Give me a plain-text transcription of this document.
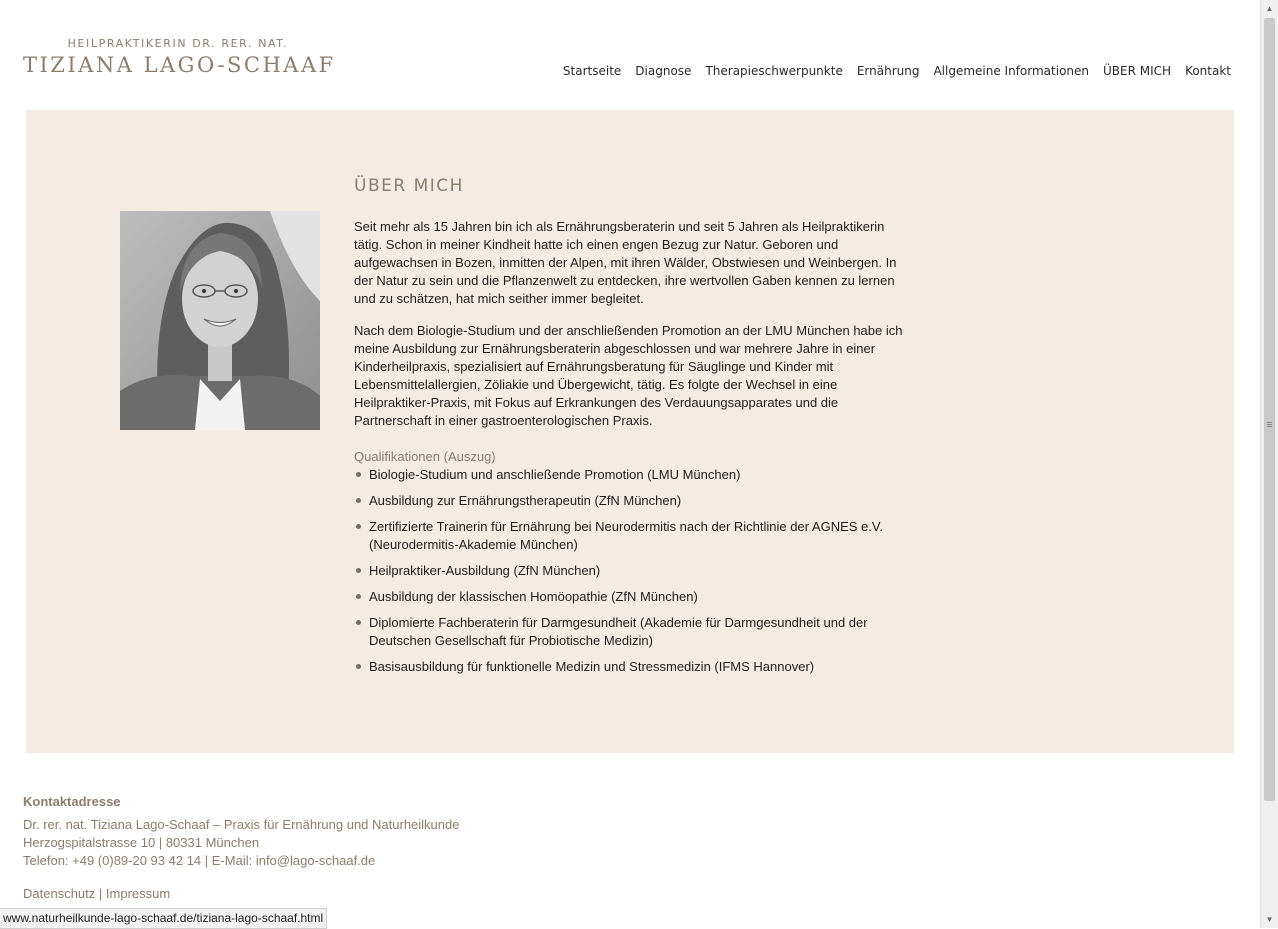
HEILPRAKTIKERIN DR. RER. NAT.
TIZIANA LAGO-SCHAAF	Startseite Diagnose Therapieschwerpunkte Ernährung Allgemeine Informationen ÜBER MICH Kontakt
ÜBER MICH

Seit mehr als 15 Jahren bin ich als Ernährungsberaterin und seit 5 Jahren als Heilpraktikerin tätig. Schon in meiner Kindheit hatte ich einen engen Bezug zur Natur. Geboren und aufgewachsen in Bozen, inmitten der Alpen, mit ihren Wälder, Obstwiesen und Weinbergen. In der Natur zu sein und die Pflanzenwelt zu entdecken, ihre wertvollen Gaben kennen zu lernen und zu schätzen, hat mich seither immer begleitet.

Nach dem Biologie-Studium und der anschließenden Promotion an der LMU München habe ich meine Ausbildung zur Ernährungsberaterin abgeschlossen und war mehrere Jahre in einer Kinderheilpraxis, spezialisiert auf Ernährungsberatung für Säuglinge und Kinder mit Lebensmittelallergien, Zöliakie und Übergewicht, tätig. Es folgte der Wechsel in eine Heilpraktiker-Praxis, mit Fokus auf Erkrankungen des Verdauungsapparates und die Partnerschaft in einer gastroenterologischen Praxis.

Qualifikationen (Auszug)
Biologie-Studium und anschließende Promotion (LMU München)
Ausbildung zur Ernährungstherapeutin (ZfN München)
Zertifizierte Trainerin für Ernährung bei Neurodermitis nach der Richtlinie der AGNES e.V. (Neurodermitis-Akademie München)
Heilpraktiker-Ausbildung (ZfN München)
Ausbildung der klassischen Homöopathie (ZfN München)
Diplomierte Fachberaterin für Darmgesundheit (Akademie für Darmgesundheit und der Deutschen Gesellschaft für Probiotische Medizin)
Basisausbildung für funktionelle Medizin und Stressmedizin (IFMS Hannover)
Kontaktadresse
Dr. rer. nat. Tiziana Lago-Schaaf – Praxis für Ernährung und Naturheilkunde
Herzogspitalstrasse 10 | 80331 München
Telefon: +49 (0)89-20 93 42 14 | E-Mail: info@lago-schaaf.de
Datenschutz | Impressum
www.naturheilkunde-lago-schaaf.de/tiziana-lago-schaaf.html
▲
▼
